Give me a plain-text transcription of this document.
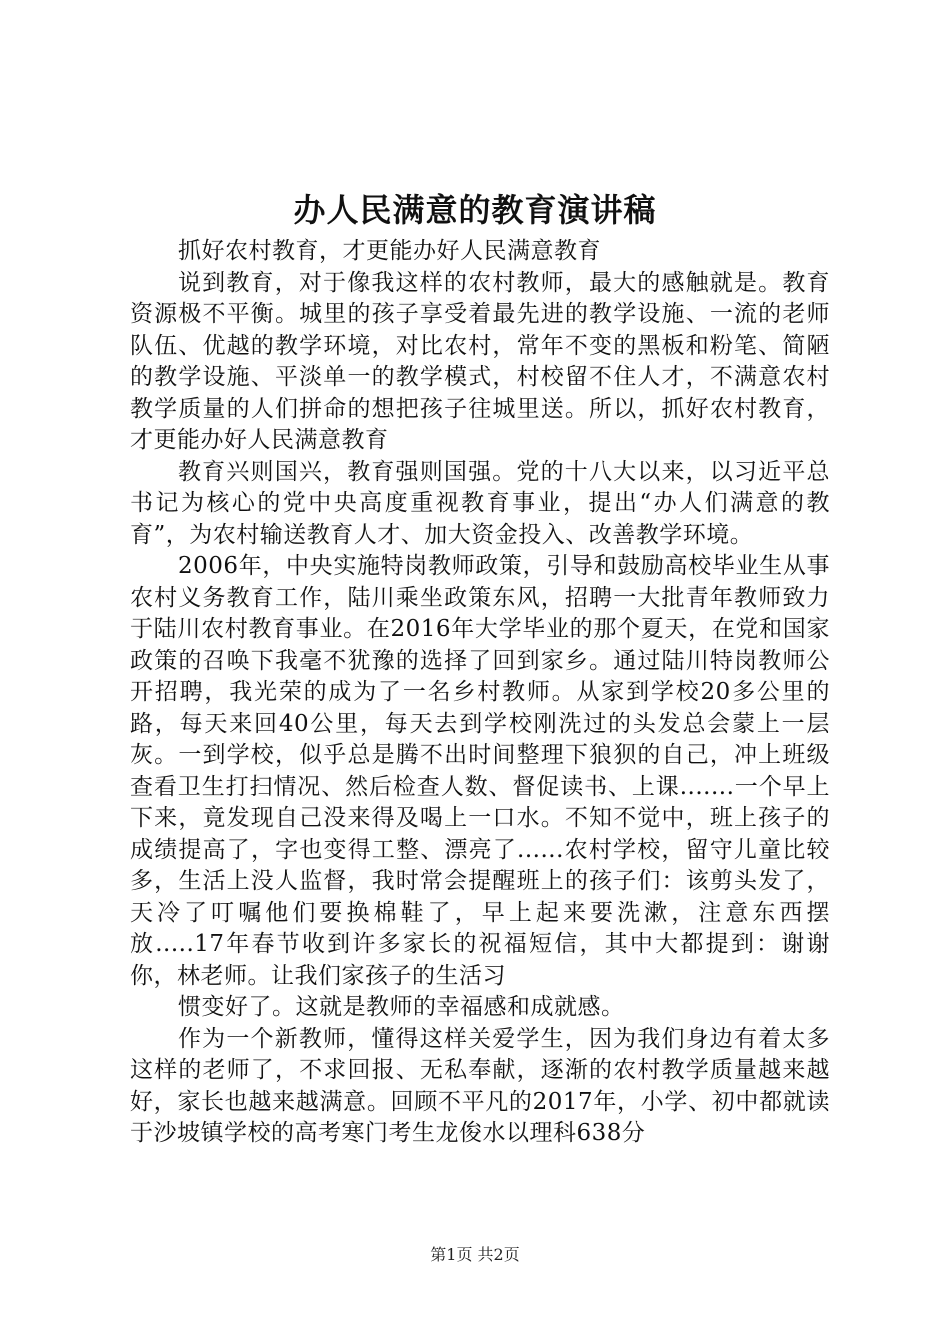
办人民满意的教育演讲稿

抓好农村教育，才更能办好人民满意教育

说到教育，对于像我这样的农村教师，最大的感触就是。教育资源极不平衡。城里的孩子享受着最先进的教学设施、一流的老师队伍、优越的教学环境，对比农村，常年不变的黑板和粉笔、简陋的教学设施、平淡单一的教学模式，村校留不住人才，不满意农村教学质量的人们拼命的想把孩子往城里送。所以，抓好农村教育，才更能办好人民满意教育

教育兴则国兴，教育强则国强。党的十八大以来，以习近平总书记为核心的党中央高度重视教育事业，提出“办人们满意的教育”，为农村输送教育人才、加大资金投入、改善教学环境。

2006年，中央实施特岗教师政策，引导和鼓励高校毕业生从事农村义务教育工作，陆川乘坐政策东风，招聘一大批青年教师致力于陆川农村教育事业。在2016年大学毕业的那个夏天，在党和国家政策的召唤下我毫不犹豫的选择了回到家乡。通过陆川特岗教师公开招聘，我光荣的成为了一名乡村教师。从家到学校20多公里的路，每天来回40公里，每天去到学校刚洗过的头发总会蒙上一层灰。一到学校，似乎总是腾不出时间整理下狼狈的自己，冲上班级查看卫生打扫情况、然后检查人数、督促读书、上课.......一个早上下来，竟发现自己没来得及喝上一口水。不知不觉中，班上孩子的成绩提高了，字也变得工整、漂亮了......农村学校，留守儿童比较多，生活上没人监督，我时常会提醒班上的孩子们：该剪头发了，天冷了叮嘱他们要换棉鞋了，早上起来要洗漱，注意东西摆放.....17年春节收到许多家长的祝福短信，其中大都提到：谢谢你，林老师。让我们家孩子的生活习

惯变好了。这就是教师的幸福感和成就感。

作为一个新教师，懂得这样关爱学生，因为我们身边有着太多这样的老师了，不求回报、无私奉献，逐渐的农村教学质量越来越好，家长也越来越满意。回顾不平凡的2017年，小学、初中都就读于沙坡镇学校的高考寒门考生龙俊水以理科638分

第1页 共2页
